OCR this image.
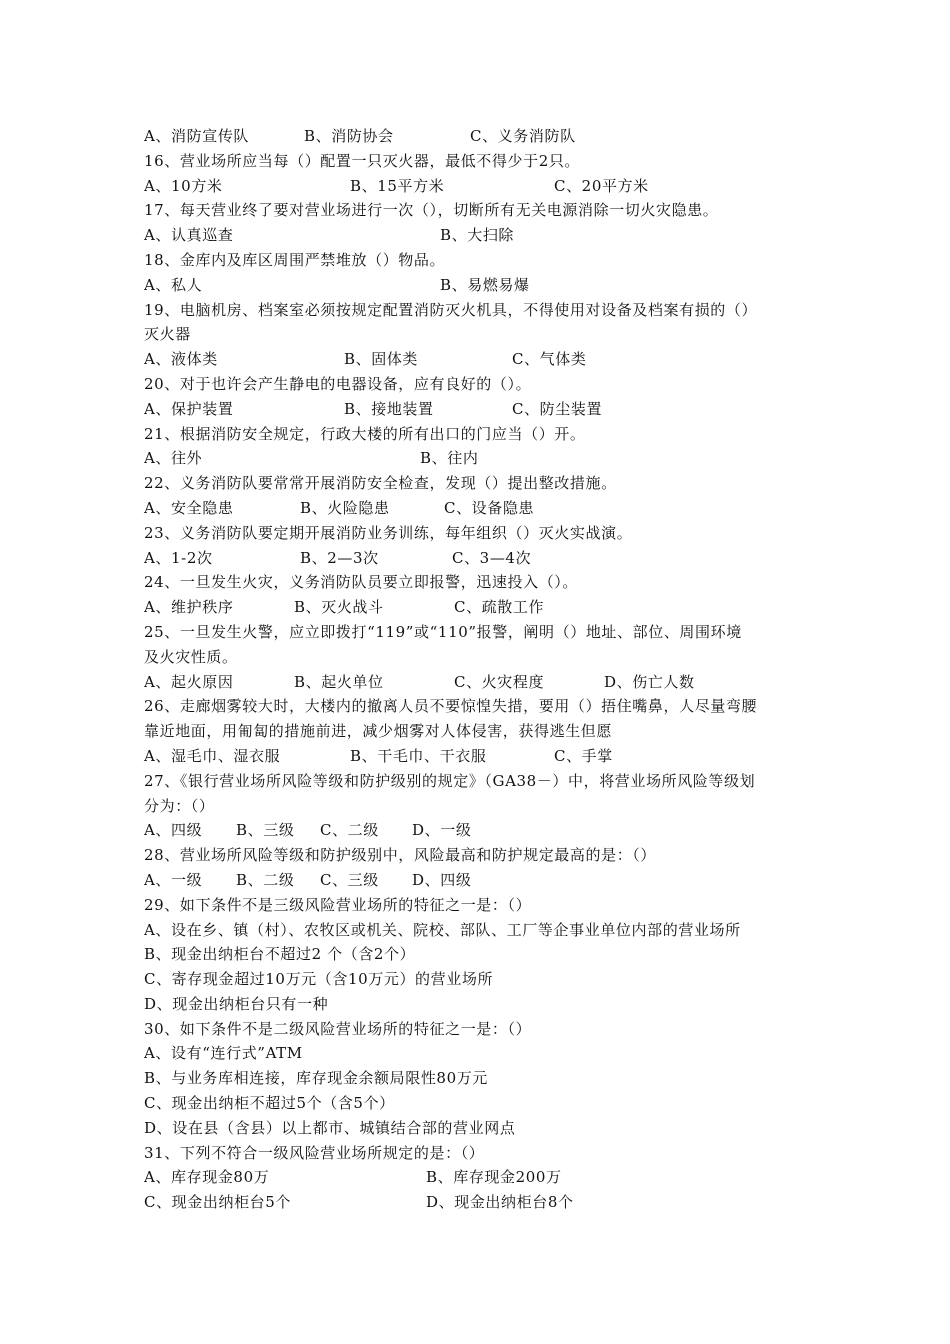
A、消防宣传队	B、消防协会	C、义务消防队
16、营业场所应当每（）配置一只灭火器，最低不得少于2只。
A、10方米	B、15平方米	C、20平方米
17、每天营业终了要对营业场进行一次（），切断所有无关电源消除一切火灾隐患。
A、认真巡查	B、大扫除
18、金库内及库区周围严禁堆放（）物品。
A、私人	B、易燃易爆
19、电脑机房、档案室必须按规定配置消防灭火机具，不得使用对设备及档案有损的（）
灭火器
A、液体类	B、固体类	C、气体类
20、对于也许会产生静电的电器设备，应有良好的（）。
A、保护装置	B、接地装置	C、防尘装置
21、根据消防安全规定，行政大楼的所有出口的门应当（）开。
A、往外	B、往内
22、义务消防队要常常开展消防安全检查，发现（）提出整改措施。
A、安全隐患	B、火险隐患	C、设备隐患
23、义务消防队要定期开展消防业务训练，每年组织（）灭火实战演。
A、1-2次	B、2—3次	C、3—4次
24、一旦发生火灾，义务消防队员要立即报警，迅速投入（）。
A、维护秩序	B、灭火战斗	C、疏散工作
25、一旦发生火警，应立即拨打“119”或“110”报警，阐明（）地址、部位、周围环境
及火灾性质。
A、起火原因	B、起火单位	C、火灾程度	D、伤亡人数
26、走廊烟雾较大时，大楼内的撤离人员不要惊惶失措，要用（）捂住嘴鼻，人尽量弯腰
靠近地面，用匍匐的措施前进，减少烟雾对人体侵害，获得逃生但愿
A、湿毛巾、湿衣服	B、干毛巾、干衣服	C、手掌
27、《银行营业场所风险等级和防护级别的规定》（GA38－）中，将营业场所风险等级划
分为：（）
A、四级 B、三级 C、二级 D、一级
28、营业场所风险等级和防护级别中，风险最高和防护规定最高的是：（）
A、一级 B、二级 C、三级 D、四级
29、如下条件不是三级风险营业场所的特征之一是：（）
A、设在乡、镇（村）、农牧区或机关、院校、部队、工厂等企事业单位内部的营业场所
B、现金出纳柜台不超过2 个（含2个）
C、寄存现金超过10万元（含10万元）的营业场所
D、现金出纳柜台只有一种
30、如下条件不是二级风险营业场所的特征之一是：（）
A、设有“连行式”ATM
B、与业务库相连接，库存现金余额局限性80万元
C、现金出纳柜不超过5个（含5个）
D、设在县（含县）以上都市、城镇结合部的营业网点
31、下列不符合一级风险营业场所规定的是：（）
A、库存现金80万	B、库存现金200万
C、现金出纳柜台5个	D、现金出纳柜台8个
